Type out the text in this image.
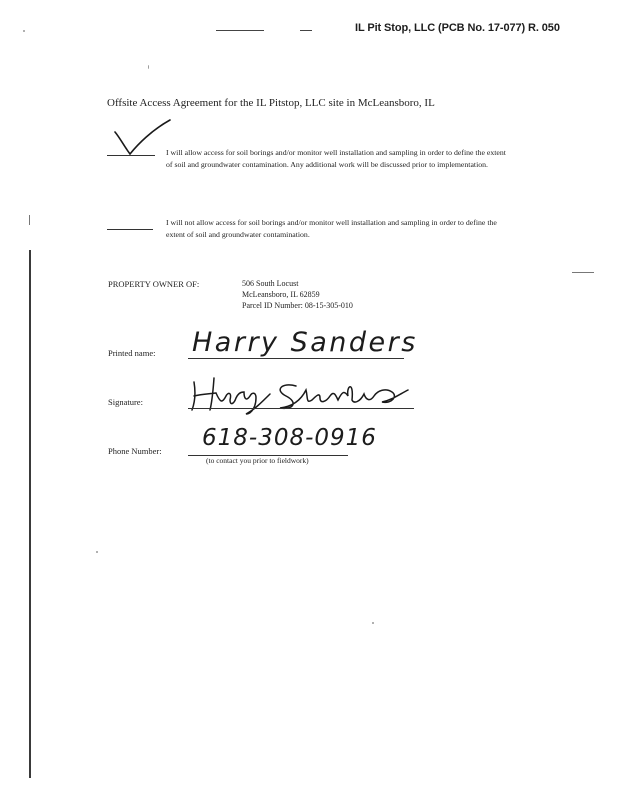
IL Pit Stop, LLC (PCB No. 17-077) R. 050
Offsite Access Agreement for the IL Pitstop, LLC site in McLeansboro, IL
I will allow access for soil borings and/or monitor well installation and sampling in order to define the extent of soil and groundwater contamination. Any additional work will be discussed prior to implementation.
I will not allow access for soil borings and/or monitor well installation and sampling in order to define the extent of soil and groundwater contamination.
PROPERTY OWNER OF:	506 South Locust
McLeansboro, IL 62859
Parcel ID Number: 08-15-305-010
Printed name: Harry Sanders
Signature:
Phone Number: 618-308-0916
(to contact you prior to fieldwork)
